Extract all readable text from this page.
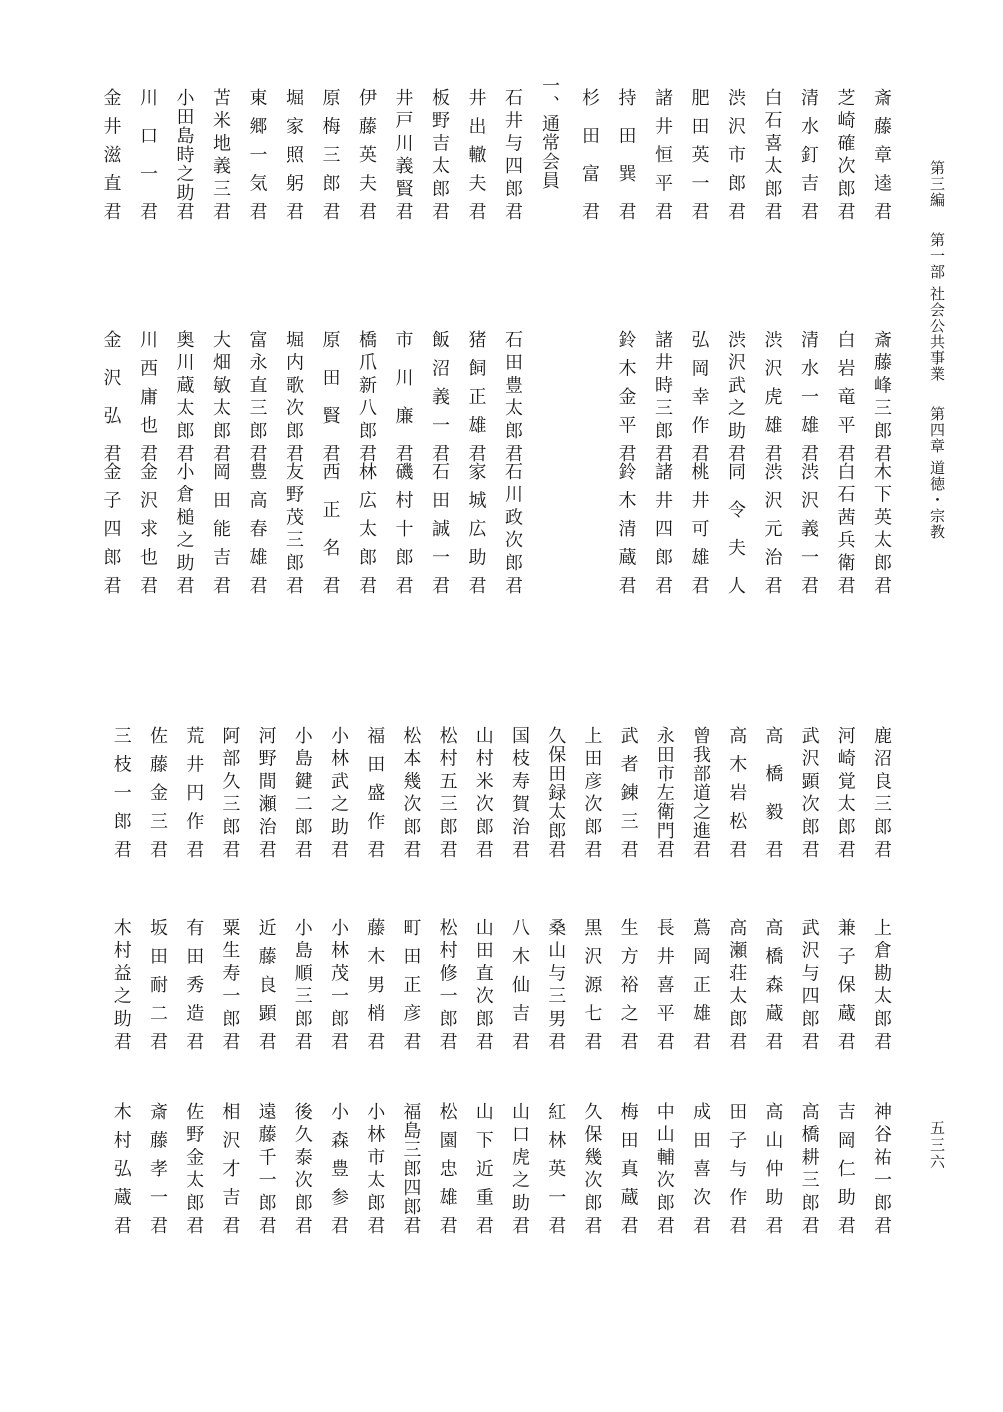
第三編第一部 社会公共事業第四章 道徳・宗教
五三六
一、通常会員	斎藤章逵君
斎藤峰三郎君
木下英太郎君
芝崎確次郎君
白岩竜平君
白石茜兵衛君
清水釘吉君
清水一雄君
渋沢義一君
白石喜太郎君
渋沢虎雄君
渋沢元治君
渋沢市郎君
渋沢武之助君
同令夫人
肥田英一君
弘岡幸作君
桃井可雄君
諸井恒平君
諸井時三郎君
諸井四郎君
持田巽君
鈴木金平君
鈴木清蔵君
杉田富君
石井与四郎君
石田豊太郎君
石川政次郎君
井出轍夫君
猪飼正雄君
家城広助君
板野吉太郎君
飯沼義一君
石田誠一君
井戸川義賢君
市川廉君
磯村十郎君
伊藤英夫君
橋爪新八郎君
林広太郎君
原梅三郎君
原田賢君
西正名君
堀家照躬君
堀内歌次郎君
友野茂三郎君
東郷一気君
富永直三郎君
豊高春雄君
苫米地義三君
大畑敏太郎君
岡田能吉君
小田島時之助君
奥川蔵太郎君
小倉槌之助君
川口一君
川西庸也君
金沢求也君
金井滋直君
金沢弘君
金子四郎君
鹿沼良三郎君
上倉勘太郎君
神谷祐一郎君
河崎覚太郎君
兼子保蔵君
吉岡仁助君
武沢顕次郎君
武沢与四郎君
高橋耕三郎君
高橋毅君
高橋森蔵君
高山仲助君
高木岩松君
高瀬荘太郎君
田子与作君
曾我部道之進君
蔦岡正雄君
成田喜次君
永田市左衛門君
長井喜平君
中山輔次郎君
武者錬三君
生方裕之君
梅田真蔵君
上田彦次郎君
黒沢源七君
久保幾次郎君
久保田録太郎君
桑山与三男君
紅林英一君
国枝寿賀治君
八木仙吉君
山口虎之助君
山村米次郎君
山田直次郎君
山下近重君
松村五三郎君
松村修一郎君
松園忠雄君
松本幾次郎君
町田正彦君
福島三郎四郎君
福田盛作君
藤木男梢君
小林市太郎君
小林武之助君
小林茂一郎君
小森豊参君
小島鍵二郎君
小島順三郎君
後久泰次郎君
河野間瀬治君
近藤良顕君
遠藤千一郎君
阿部久三郎君
粟生寿一郎君
相沢才吉君
荒井円作君
有田秀造君
佐野金太郎君
佐藤金三君
坂田耐二君
斎藤孝一君
三枝一郎君
木村益之助君
木村弘蔵君
